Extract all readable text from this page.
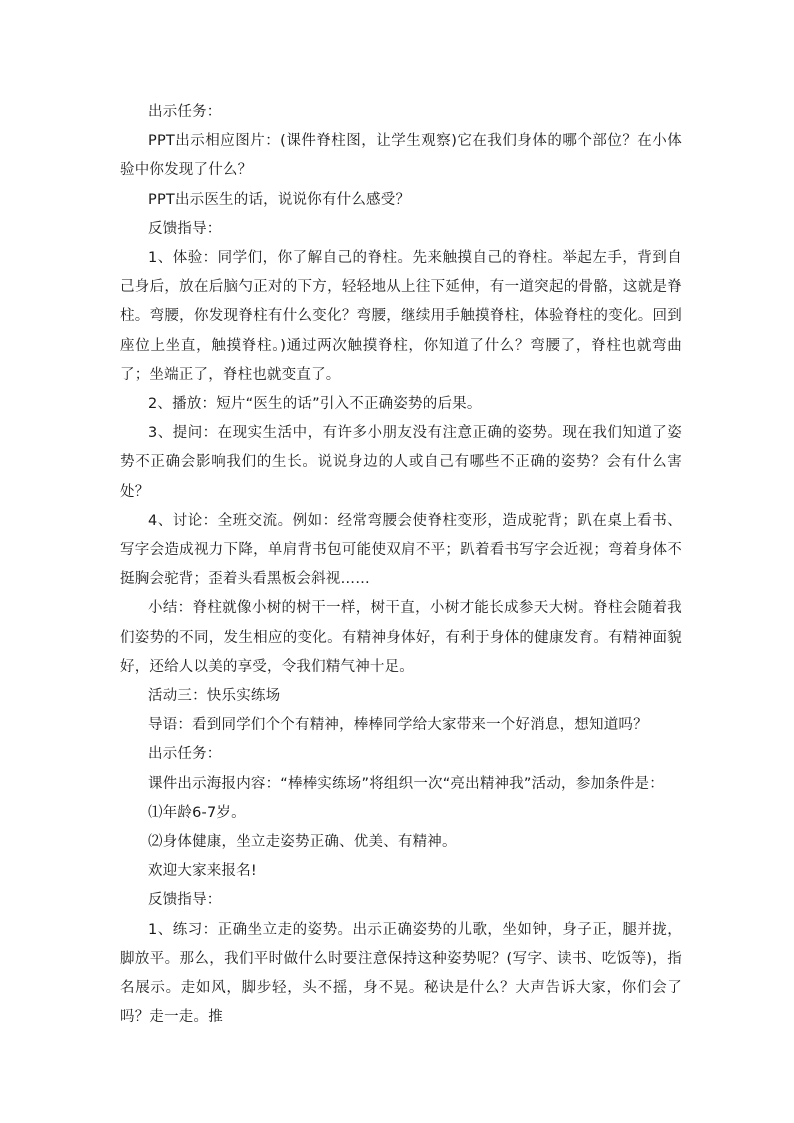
出示任务：

PPT出示相应图片：(课件脊柱图，让学生观察)它在我们身体的哪个部位？在小体验中你发现了什么？

PPT出示医生的话，说说你有什么感受？

反馈指导：

1、体验：同学们，你了解自己的脊柱。先来触摸自己的脊柱。举起左手，背到自己身后，放在后脑勺正对的下方，轻轻地从上往下延伸，有一道突起的骨骼，这就是脊柱。弯腰，你发现脊柱有什么变化？弯腰，继续用手触摸脊柱，体验脊柱的变化。回到座位上坐直，触摸脊柱。)通过两次触摸脊柱，你知道了什么？弯腰了，脊柱也就弯曲了；坐端正了，脊柱也就变直了。

2、播放：短片“医生的话”引入不正确姿势的后果。

3、提问：在现实生活中，有许多小朋友没有注意正确的姿势。现在我们知道了姿势不正确会影响我们的生长。说说身边的人或自己有哪些不正确的姿势？会有什么害处？

4、讨论：全班交流。例如：经常弯腰会使脊柱变形，造成驼背；趴在桌上看书、写字会造成视力下降，单肩背书包可能使双肩不平；趴着看书写字会近视；弯着身体不挺胸会驼背；歪着头看黑板会斜视……

小结：脊柱就像小树的树干一样，树干直，小树才能长成参天大树。脊柱会随着我们姿势的不同，发生相应的变化。有精神身体好，有利于身体的健康发育。有精神面貌好，还给人以美的享受，令我们精气神十足。

活动三：快乐实练场

导语：看到同学们个个有精神，棒棒同学给大家带来一个好消息，想知道吗？

出示任务：

课件出示海报内容：“棒棒实练场”将组织一次“亮出精神我”活动，参加条件是：

⑴年龄6-7岁。

⑵身体健康，坐立走姿势正确、优美、有精神。

欢迎大家来报名!

反馈指导：

1、练习：正确坐立走的姿势。出示正确姿势的儿歌，坐如钟，身子正，腿并拢，脚放平。那么，我们平时做什么时要注意保持这种姿势呢？(写字、读书、吃饭等)，指名展示。走如风，脚步轻，头不摇，身不晃。秘诀是什么？大声告诉大家，你们会了吗？走一走。推
